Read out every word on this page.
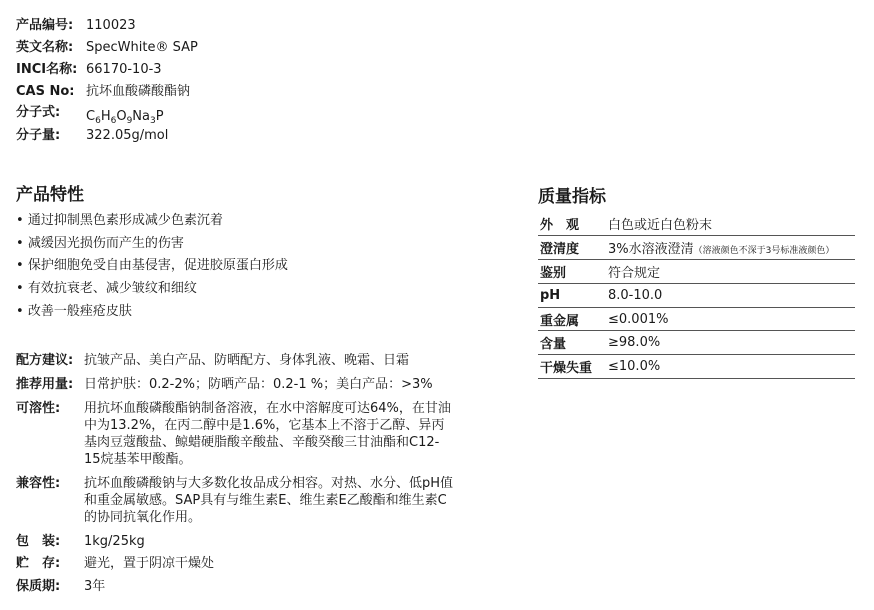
产品编号: 110023
英文名称: SpecWhite® SAP
INCI名称: 66170-10-3
CAS No: 抗坏血酸磷酸酯钠
分子式:	$C_6H_6O_9Na_3P$
分子量:	322.05g/mol
产品特性
• 通过抑制黑色素形成减少色素沉着
• 减缓因光损伤而产生的伤害
• 保护细胞免受自由基侵害，促进胶原蛋白形成
• 有效抗衰老、减少皱纹和细纹
• 改善一般痤疮皮肤
配方建议: 抗皱产品、美白产品、防晒配方、身体乳液、晚霜、日霜
推荐用量: 日常护肤：0.2-2%；防晒产品：0.2-1 %；美白产品：>3%
可溶性:	用抗坏血酸磷酸酯钠制备溶液，在水中溶解度可达64%，在甘油中为13.2%，在丙二醇中是1.6%，它基本上不溶于乙醇、异丙基肉豆蔻酸盐、鲸蜡硬脂酸辛酸盐、辛酸癸酸三甘油酯和C12-15烷基苯甲酸酯。
兼容性:	抗坏血酸磷酸钠与大多数化妆品成分相容。对热、水分、低pH值和重金属敏感。SAP具有与维生素E、维生素E乙酸酯和维生素C的协同抗氧化作用。
包　装:	1kg/25kg
贮　存:	避光，置于阴凉干燥处
保质期:	3年
质量指标
外　观	白色或近白色粉末
澄清度	3%水溶液澄清（溶液颜色不深于3号标准液颜色）
鉴别	符合规定
pH	8.0-10.0
重金属	≤0.001%
含量	≥98.0%
干燥失重	≤10.0%
